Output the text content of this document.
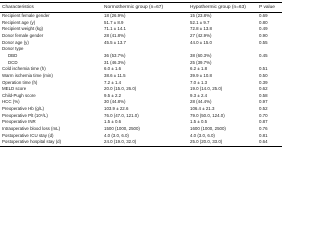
Characteristics	Normothermic group (n=67)	Hypothermic group (n=63)	P value
Recipient female gender	18 (26.9%)	15 (23.8%)	0.69
Recipient age (y)	51.7 ± 8.9	52.1 ± 9.7	0.80
Recipient weight (kg)	71.1 ± 14.1	72.8 ± 13.8	0.49
Donor female gender	28 (41.8%)	27 (42.9%)	0.90
Donor age (y)	45.5 ± 13.7	44.0 ± 15.0	0.55
Donor type
DBD	36 (53.7%)	38 (60.3%)	0.45
DCD	31 (46.3%)	25 (39.7%)
Cold ischemia time (h)	6.0 ± 1.6	6.2 ± 1.8	0.51
Warm ischemia time (min)	38.6 ± 11.5	39.9 ± 10.8	0.50
Operation time (h)	7.2 ± 1.4	7.0 ± 1.3	0.39
MELD score	20.0 (15.0, 26.0)	19.0 (14.0, 25.0)	0.62
Child-Pugh score	9.5 ± 2.2	9.3 ± 2.4	0.58
HCC (%)	30 (44.8%)	28 (44.4%)	0.97
Preoperative Hb (g/L)	103.9 ± 22.6	106.4 ± 21.3	0.52
Preoperative Plt (10⁹/L)	76.0 (47.0, 121.0)	79.0 (50.0, 124.0)	0.70
Preoperative INR	1.5 ± 0.6	1.5 ± 0.5	0.87
Intraoperative blood loss (mL)	1500 (1000, 2500)	1600 (1000, 2500)	0.76
Postoperative ICU stay (d)	4.0 (3.0, 6.0)	4.0 (3.0, 6.0)	0.81
Postoperative hospital stay (d)	24.0 (19.0, 32.0)	25.0 (20.0, 33.0)	0.64
